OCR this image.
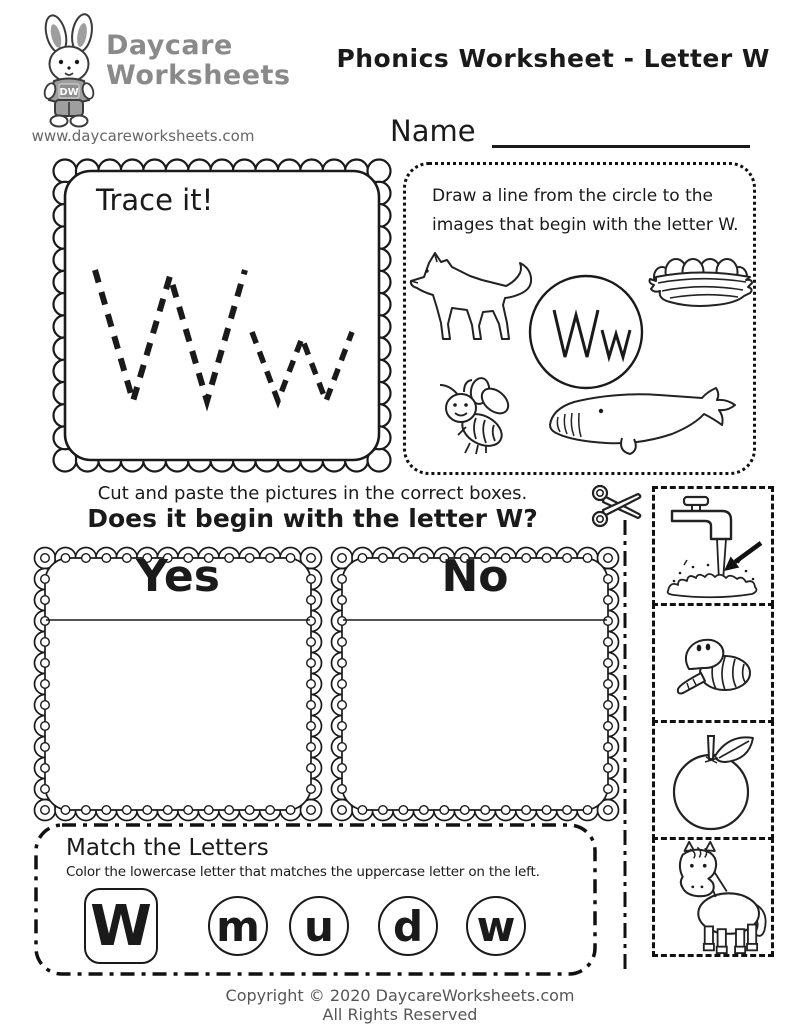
DW
Daycare
Worksheets
www.daycareworksheets.com
Phonics Worksheet - Letter W
Name
Trace it!	Draw a line from the circle to the
images that begin with the letter W.
Cut and paste the pictures in the correct boxes.
Does it begin with the letter W?
Yes	No
Match the Letters
Color the lowercase letter that matches the uppercase letter on the left.
W m	u	d	w
Copyright © 2020 DaycareWorksheets.com
All Rights Reserved
